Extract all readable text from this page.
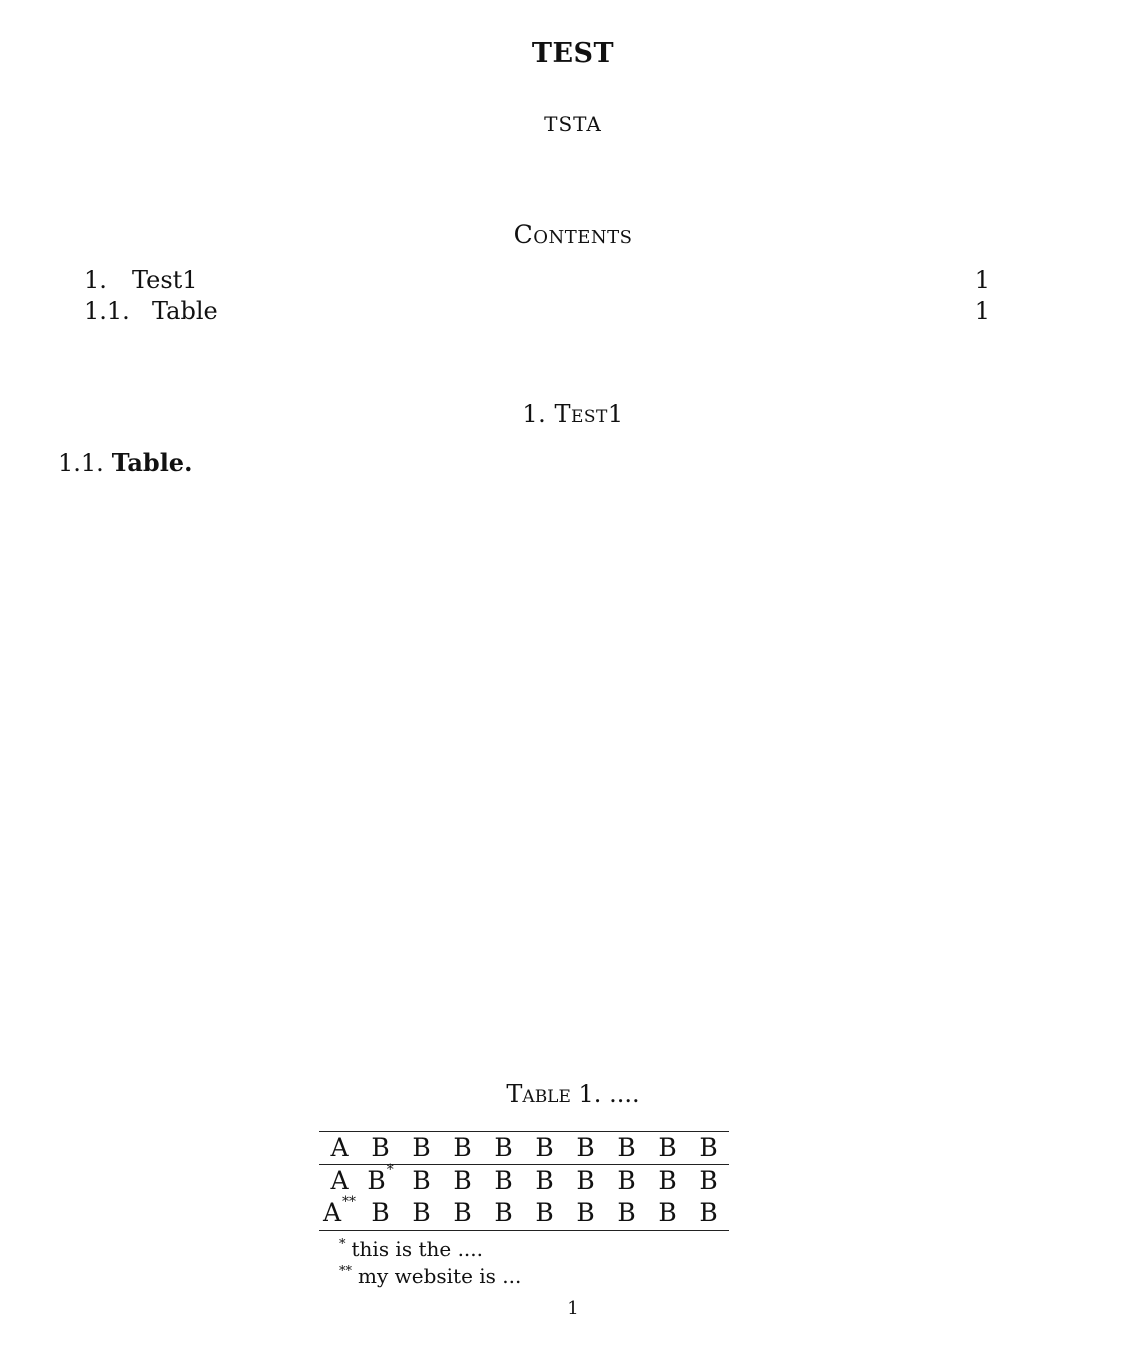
TEST
TSTA
Contents
1. Test1	1
1.1. Table	1
1. Test1
1.1. Table.
Table 1. ....
A B B B B B B B B B
A B* B B B B B B B B
A** B B B B B B B B B
* this is the ....
** my website is ...
1
